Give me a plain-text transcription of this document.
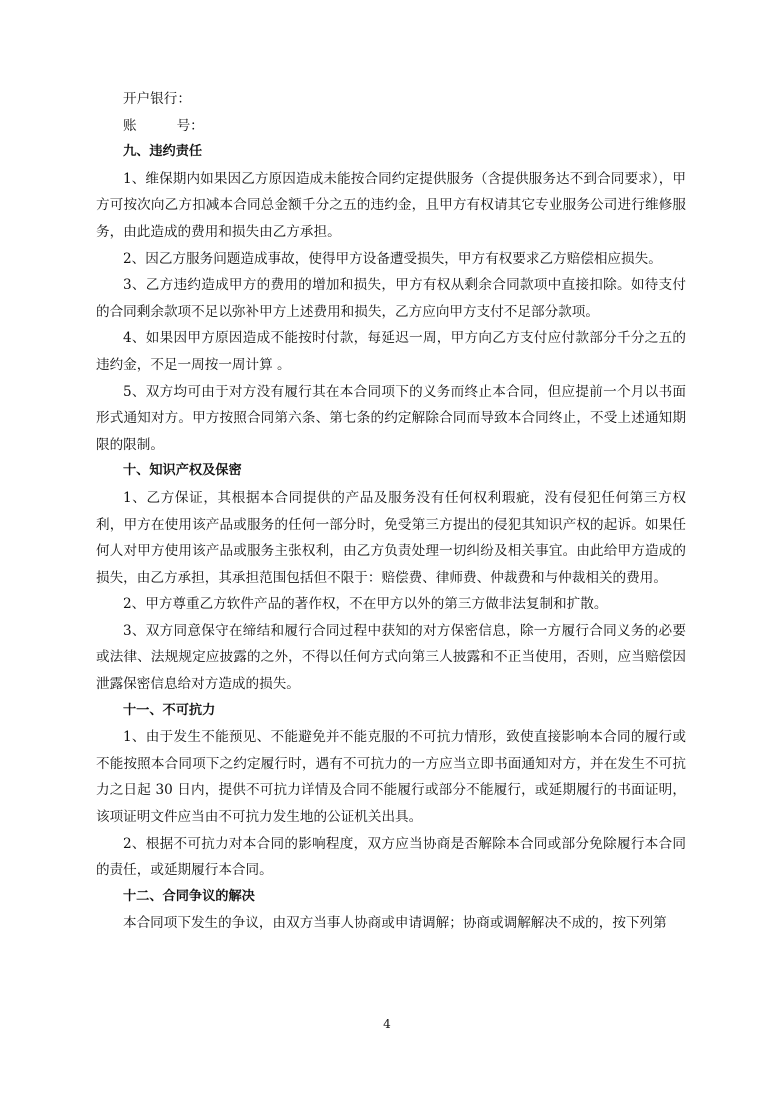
开户银行：

账	号：

九、违约责任

1、维保期内如果因乙方原因造成未能按合同约定提供服务（含提供服务达不到合同要求），甲方可按次向乙方扣减本合同总金额千分之五的违约金，且甲方有权请其它专业服务公司进行维修服务，由此造成的费用和损失由乙方承担。

2、因乙方服务问题造成事故，使得甲方设备遭受损失，甲方有权要求乙方赔偿相应损失。

3、乙方违约造成甲方的费用的增加和损失，甲方有权从剩余合同款项中直接扣除。如待支付的合同剩余款项不足以弥补甲方上述费用和损失，乙方应向甲方支付不足部分款项。

4、如果因甲方原因造成不能按时付款，每延迟一周，甲方向乙方支付应付款部分千分之五的违约金，不足一周按一周计算 。

5、双方均可由于对方没有履行其在本合同项下的义务而终止本合同，但应提前一个月以书面形式通知对方。甲方按照合同第六条、第七条的约定解除合同而导致本合同终止，不受上述通知期限的限制。

十、知识产权及保密

1、乙方保证，其根据本合同提供的产品及服务没有任何权利瑕疵，没有侵犯任何第三方权利，甲方在使用该产品或服务的任何一部分时，免受第三方提出的侵犯其知识产权的起诉。如果任何人对甲方使用该产品或服务主张权利，由乙方负责处理一切纠纷及相关事宜。由此给甲方造成的损失，由乙方承担，其承担范围包括但不限于：赔偿费、律师费、仲裁费和与仲裁相关的费用。

2、甲方尊重乙方软件产品的著作权，不在甲方以外的第三方做非法复制和扩散。

3、双方同意保守在缔结和履行合同过程中获知的对方保密信息，除一方履行合同义务的必要或法律、法规规定应披露的之外，不得以任何方式向第三人披露和不正当使用，否则，应当赔偿因泄露保密信息给对方造成的损失。

十一、不可抗力

1、由于发生不能预见、不能避免并不能克服的不可抗力情形，致使直接影响本合同的履行或不能按照本合同项下之约定履行时，遇有不可抗力的一方应当立即书面通知对方，并在发生不可抗力之日起 30 日内，提供不可抗力详情及合同不能履行或部分不能履行，或延期履行的书面证明，该项证明文件应当由不可抗力发生地的公证机关出具。

2、根据不可抗力对本合同的影响程度，双方应当协商是否解除本合同或部分免除履行本合同的责任，或延期履行本合同。

十二、合同争议的解决

本合同项下发生的争议，由双方当事人协商或申请调解；协商或调解解决不成的，按下列第

4
